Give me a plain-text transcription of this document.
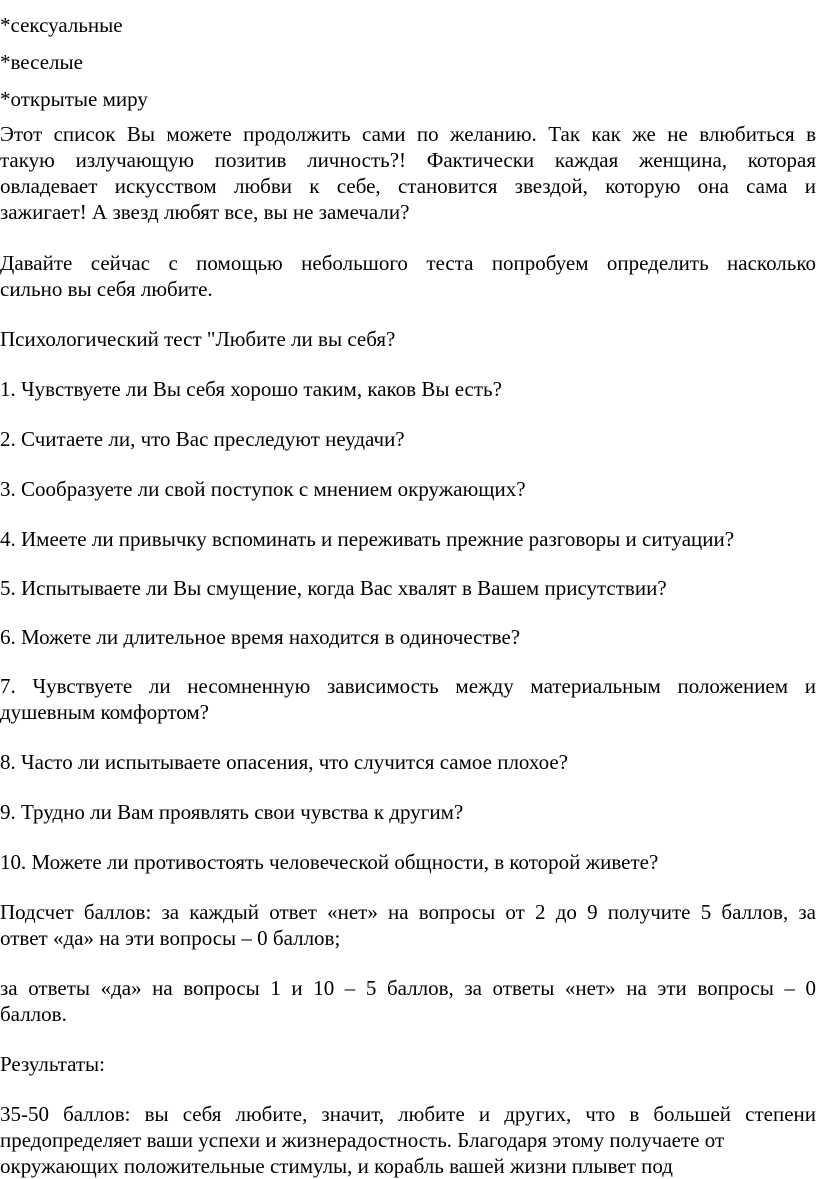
*сексуальные
*веселые
*открытые миру
Этот список Вы можете продолжить сами по желанию. Так как же не влюбиться в
такую излучающую позитив личность?! Фактически каждая женщина, которая
овладевает искусством любви к себе, становится звездой, которую она сама и
зажигает! А звезд любят все, вы не замечали?
Давайте сейчас с помощью небольшого теста попробуем определить насколько
сильно вы себя любите.
Психологический тест "Любите ли вы себя?
1. Чувствуете ли Вы себя хорошо таким, каков Вы есть?
2. Считаете ли, что Вас преследуют неудачи?
3. Сообразуете ли свой поступок с мнением окружающих?
4. Имеете ли привычку вспоминать и переживать прежние разговоры и ситуации?
5. Испытываете ли Вы смущение, когда Вас хвалят в Вашем присутствии?
6. Можете ли длительное время находится в одиночестве?
7. Чувствуете ли несомненную зависимость между материальным положением и
душевным комфортом?
8. Часто ли испытываете опасения, что случится самое плохое?
9. Трудно ли Вам проявлять свои чувства к другим?
10. Можете ли противостоять человеческой общности, в которой живете?
Подсчет баллов: за каждый ответ «нет» на вопросы от 2 до 9 получите 5 баллов, за
ответ «да» на эти вопросы – 0 баллов;
за ответы «да» на вопросы 1 и 10 – 5 баллов, за ответы «нет» на эти вопросы – 0
баллов.
Результаты:
35-50 баллов: вы себя любите, значит, любите и других, что в большей степени
предопределяет ваши успехи и жизнерадостность. Благодаря этому получаете от
окружающих положительные стимулы, и корабль вашей жизни плывет под
